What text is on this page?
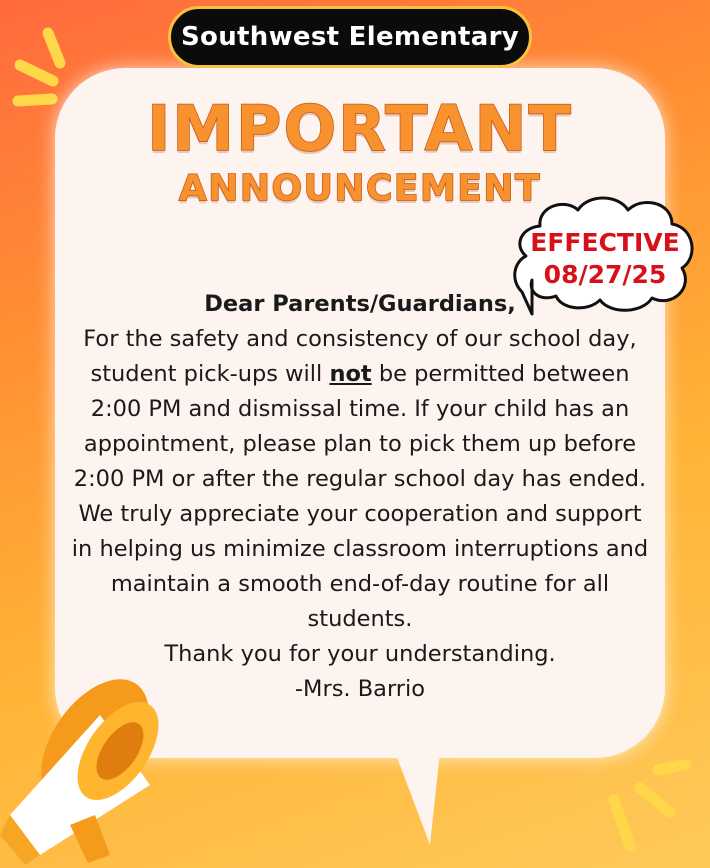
Southwest Elementary
IMPORTANT
ANNOUNCEMENT
EFFECTIVE
08/27/25

Dear Parents/Guardians,

For the safety and consistency of our school day, student pick-ups will not be permitted between 2:00 PM and dismissal time. If your child has an appointment, please plan to pick them up before 2:00 PM or after the regular school day has ended.

We truly appreciate your cooperation and support in helping us minimize classroom interruptions and maintain a smooth end-of-day routine for all students.

Thank you for your understanding.

-Mrs. Barrio
